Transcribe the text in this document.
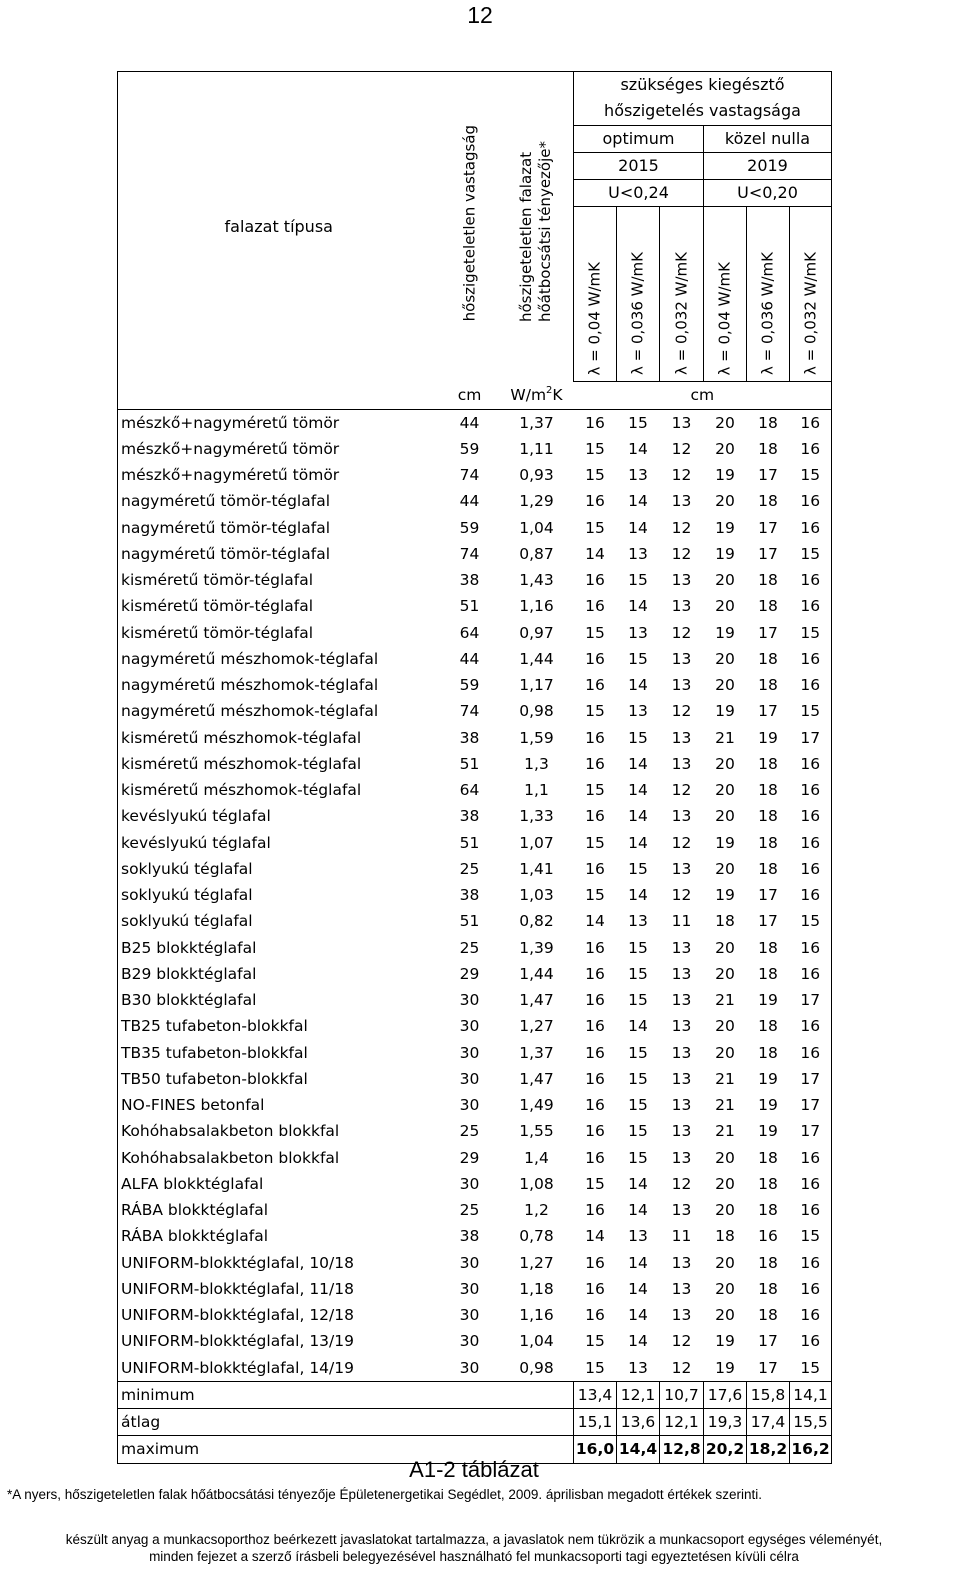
12
falazat típusa	hőszigeteletlen vastagság	hőszigeteletlen falazat
hőátbocsátsi tényezője*	szükséges kiegésztő					
			hőszigetelés vastagsága					
			optimum			közel nulla		
			2015			2019		
			U<0,24			U<0,20		

			λ = 0,04 W/mK	λ = 0,036 W/mK	λ = 0,032 W/mK	λ = 0,04 W/mK	λ = 0,036 W/mK	λ = 0,032 W/mK

	cm	$W/m^2K$	cm					
mészkő+nagyméretű tömör	44	1,37	16	15	13	20	18	16
mészkő+nagyméretű tömör	59	1,11	15	14	12	20	18	16
mészkő+nagyméretű tömör	74	0,93	15	13	12	19	17	15
nagyméretű tömör-téglafal	44	1,29	16	14	13	20	18	16
nagyméretű tömör-téglafal	59	1,04	15	14	12	19	17	16
nagyméretű tömör-téglafal	74	0,87	14	13	12	19	17	15
kisméretű tömör-téglafal	38	1,43	16	15	13	20	18	16
kisméretű tömör-téglafal	51	1,16	16	14	13	20	18	16
kisméretű tömör-téglafal	64	0,97	15	13	12	19	17	15
nagyméretű mészhomok-téglafal	44	1,44	16	15	13	20	18	16
nagyméretű mészhomok-téglafal	59	1,17	16	14	13	20	18	16
nagyméretű mészhomok-téglafal	74	0,98	15	13	12	19	17	15
kisméretű mészhomok-téglafal	38	1,59	16	15	13	21	19	17
kisméretű mészhomok-téglafal	51	1,3	16	14	13	20	18	16
kisméretű mészhomok-téglafal	64	1,1	15	14	12	20	18	16
kevéslyukú téglafal	38	1,33	16	14	13	20	18	16
kevéslyukú téglafal	51	1,07	15	14	12	19	18	16
soklyukú téglafal	25	1,41	16	15	13	20	18	16
soklyukú téglafal	38	1,03	15	14	12	19	17	16
soklyukú téglafal	51	0,82	14	13	11	18	17	15
B25 blokktéglafal	25	1,39	16	15	13	20	18	16
B29 blokktéglafal	29	1,44	16	15	13	20	18	16
B30 blokktéglafal	30	1,47	16	15	13	21	19	17
TB25 tufabeton-blokkfal	30	1,27	16	14	13	20	18	16
TB35 tufabeton-blokkfal	30	1,37	16	15	13	20	18	16
TB50 tufabeton-blokkfal	30	1,47	16	15	13	21	19	17
NO-FINES betonfal	30	1,49	16	15	13	21	19	17
Kohóhabsalakbeton blokkfal	25	1,55	16	15	13	21	19	17
Kohóhabsalakbeton blokkfal	29	1,4	16	15	13	20	18	16
ALFA blokktéglafal	30	1,08	15	14	12	20	18	16
RÁBA blokktéglafal	25	1,2	16	14	13	20	18	16
RÁBA blokktéglafal	38	0,78	14	13	11	18	16	15
UNIFORM-blokktéglafal, 10/18	30	1,27	16	14	13	20	18	16
UNIFORM-blokktéglafal, 11/18	30	1,18	16	14	13	20	18	16
UNIFORM-blokktéglafal, 12/18	30	1,16	16	14	13	20	18	16
UNIFORM-blokktéglafal, 13/19	30	1,04	15	14	12	19	17	16
UNIFORM-blokktéglafal, 14/19	30	0,98	15	13	12	19	17	15
minimum			13,4	12,1	10,7	17,6	15,8	14,1
átlag			15,1	13,6	12,1	19,3	17,4	15,5
maximum			16,0	14,4	12,8	20,2	18,2	16,2
A1-2 táblázat
*A nyers, hőszigeteletlen falak hőátbocsátási tényezője Épületenergetikai Segédlet, 2009. áprilisban megadott értékek szerinti.
készült anyag a munkacsoporthoz beérkezett javaslatokat tartalmazza, a javaslatok nem tükrözik a munkacsoport egységes véleményét,
minden fejezet a szerző írásbeli belegyezésével használható fel munkacsoporti tagi egyeztetésen kívüli célra
